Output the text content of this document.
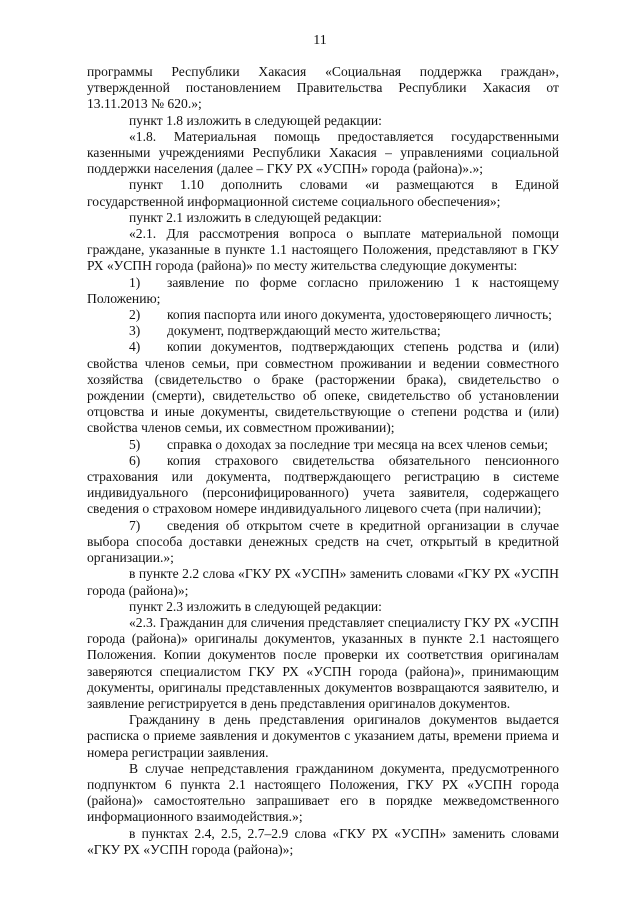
11

программы Республики Хакасия «Социальная поддержка граждан», утвержденной постановлением Правительства Республики Хакасия от 13.11.2013 № 620.»;

пункт 1.8 изложить в следующей редакции:

«1.8. Материальная помощь предоставляется государственными казенными учреждениями Республики Хакасия – управлениями социальной поддержки населения (далее – ГКУ РХ «УСПН» города (района)».»;

пункт 1.10 дополнить словами «и размещаются в Единой государственной информационной системе социального обеспечения»;

пункт 2.1 изложить в следующей редакции:

«2.1. Для рассмотрения вопроса о выплате материальной помощи граждане, указанные в пункте 1.1 настоящего Положения, представляют в ГКУ РХ «УСПН города (района)» по месту жительства следующие документы:

1) заявление по форме согласно приложению 1 к настоящему Положению;

2) копия паспорта или иного документа, удостоверяющего личность;

3) документ, подтверждающий место жительства;

4) копии документов, подтверждающих степень родства и (или) свойства членов семьи, при совместном проживании и ведении совместного хозяйства (свидетельство о браке (расторжении брака), свидетельство о рождении (смерти), свидетельство об опеке, свидетельство об установлении отцовства и иные документы, свидетельствующие о степени родства и (или) свойства членов семьи, их совместном проживании);

5) справка о доходах за последние три месяца на всех членов семьи;

6) копия страхового свидетельства обязательного пенсионного страхования или документа, подтверждающего регистрацию в системе индивидуального (персонифицированного) учета заявителя, содержащего сведения о страховом номере индивидуального лицевого счета (при наличии);

7) сведения об открытом счете в кредитной организации в случае выбора способа доставки денежных средств на счет, открытый в кредитной организации.»;

в пункте 2.2 слова «ГКУ РХ «УСПН» заменить словами «ГКУ РХ «УСПН города (района)»;

пункт 2.3 изложить в следующей редакции:

«2.3. Гражданин для сличения представляет специалисту ГКУ РХ «УСПН города (района)» оригиналы документов, указанных в пункте 2.1 настоящего Положения. Копии документов после проверки их соответствия оригиналам заверяются специалистом ГКУ РХ «УСПН города (района)», принимающим документы, оригиналы представленных документов возвращаются заявителю, и заявление регистрируется в день представления оригиналов документов.

Гражданину в день представления оригиналов документов выдается расписка о приеме заявления и документов с указанием даты, времени приема и номера регистрации заявления.

В случае непредставления гражданином документа, предусмотренного подпунктом 6 пункта 2.1 настоящего Положения, ГКУ РХ «УСПН города (района)» самостоятельно запрашивает его в порядке межведомственного информационного взаимодействия.»;

в пунктах 2.4, 2.5, 2.7–2.9 слова «ГКУ РХ «УСПН» заменить словами «ГКУ РХ «УСПН города (района)»;
